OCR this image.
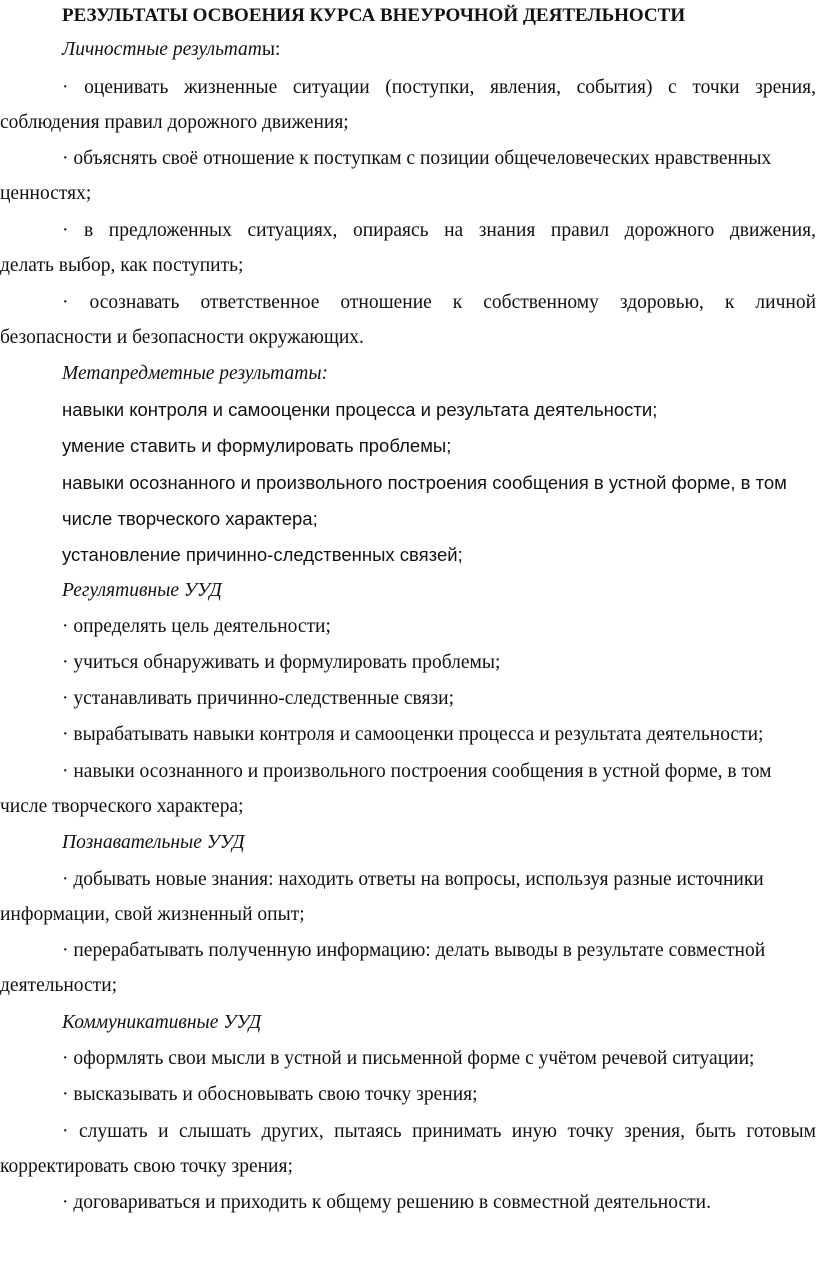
РЕЗУЛЬТАТЫ ОСВОЕНИЯ КУРСА ВНЕУРОЧНОЙ ДЕЯТЕЛЬНОСТИ
Личностные результаты:
· оценивать жизненные ситуации (поступки, явления, события) с точки зрения,
соблюдения правил дорожного движения;
· объяснять своё отношение к поступкам с позиции общечеловеческих нравственных
ценностях;
· в предложенных ситуациях, опираясь на знания правил дорожного движения,
делать выбор, как поступить;
· осознавать ответственное отношение к собственному здоровью, к личной
безопасности и безопасности окружающих.
Метапредметные результаты:
навыки контроля и самооценки процесса и результата деятельности;
умение ставить и формулировать проблемы;
навыки осознанного и произвольного построения сообщения в устной форме, в том
числе творческого характера;
установление причинно-следственных связей;
Регулятивные УУД
· определять цель деятельности;
· учиться обнаруживать и формулировать проблемы;
· устанавливать причинно-следственные связи;
· вырабатывать навыки контроля и самооценки процесса и результата деятельности;
· навыки осознанного и произвольного построения сообщения в устной форме, в том
числе творческого характера;
Познавательные УУД
· добывать новые знания: находить ответы на вопросы, используя разные источники
информации, свой жизненный опыт;
· перерабатывать полученную информацию: делать выводы в результате совместной
деятельности;
Коммуникативные УУД
· оформлять свои мысли в устной и письменной форме с учётом речевой ситуации;
· высказывать и обосновывать свою точку зрения;
· слушать и слышать других, пытаясь принимать иную точку зрения, быть готовым
корректировать свою точку зрения;
· договариваться и приходить к общему решению в совместной деятельности.
